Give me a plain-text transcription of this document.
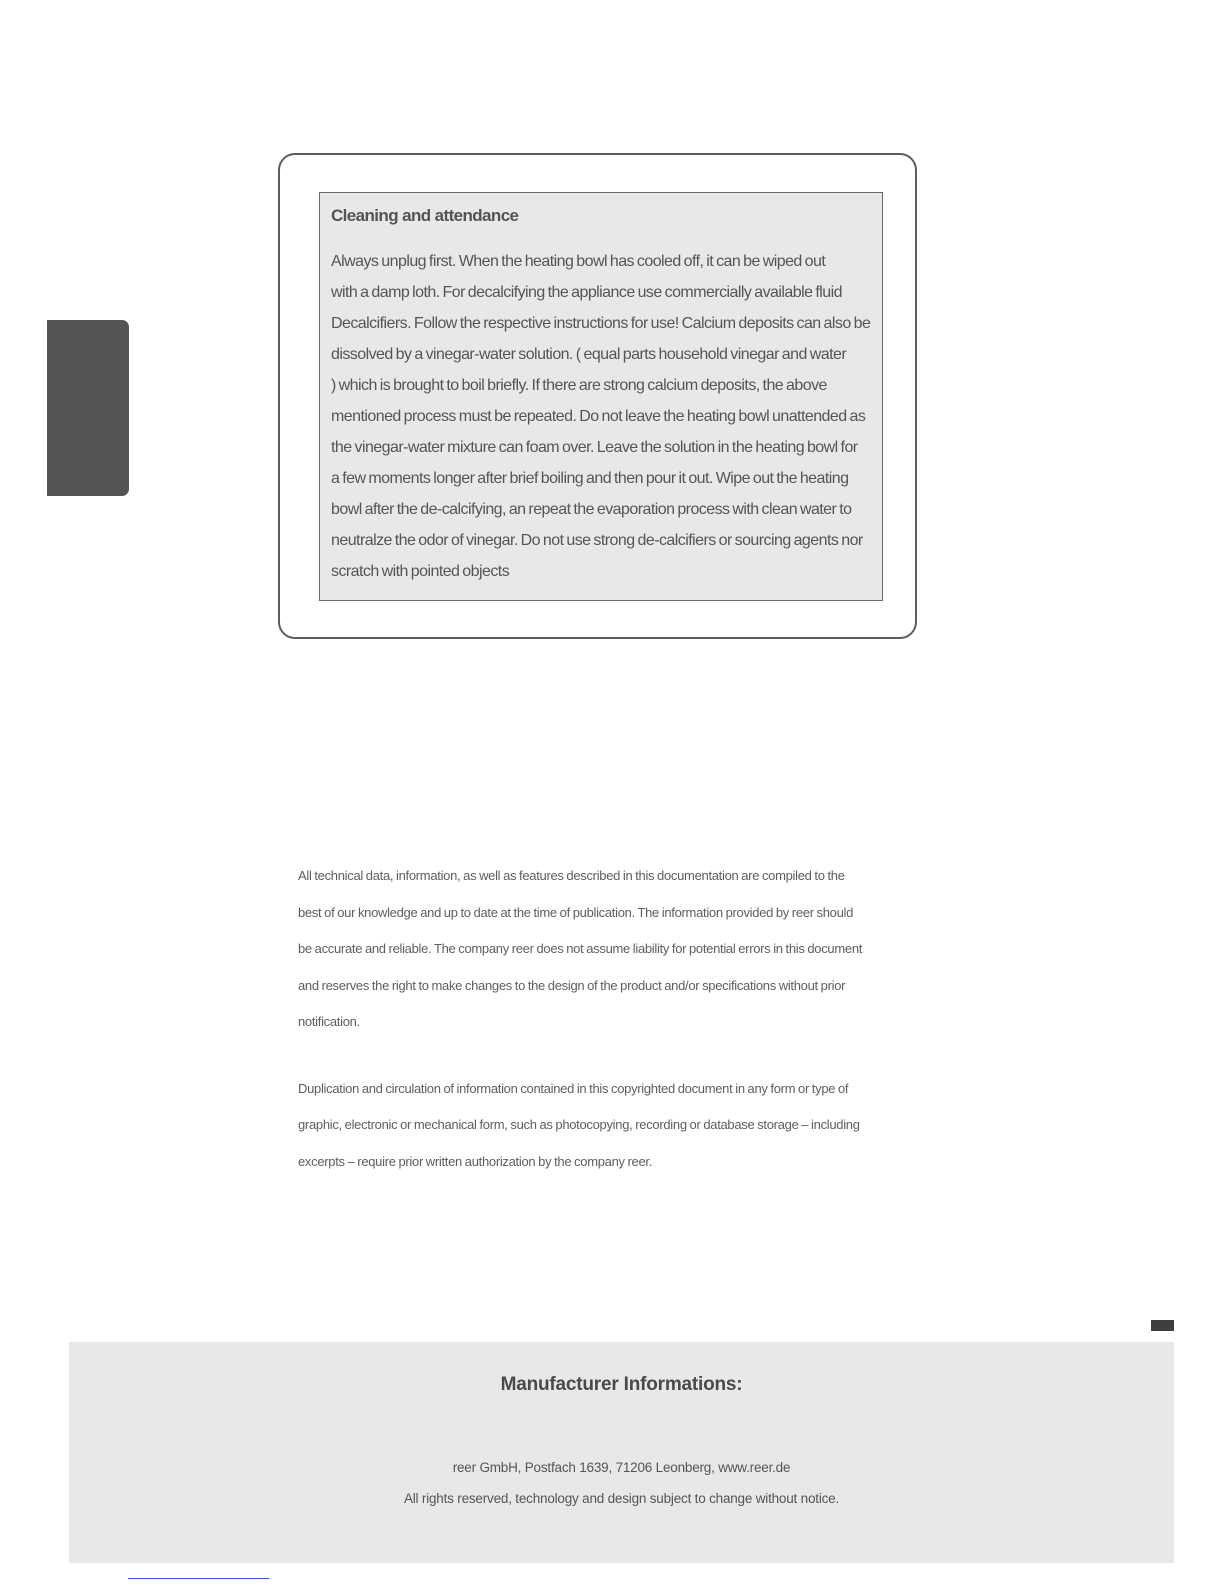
Cleaning and attendance
Always unplug first. When the heating bowl has cooled off, it can be wiped out
with a damp loth. For decalcifying the appliance use commercially available fluid
Decalcifiers. Follow the respective instructions for use! Calcium deposits can also be
dissolved by a vinegar-water solution. ( equal parts household vinegar and water
) which is brought to boil briefly. If there are strong calcium deposits, the above
mentioned process must be repeated. Do not leave the heating bowl unattended as
the vinegar-water mixture can foam over. Leave the solution in the heating bowl for
a few moments longer after brief boiling and then pour it out. Wipe out the heating
bowl after the de-calcifying, an repeat the evaporation process with clean water to
neutralze the odor of vinegar. Do not use strong de-calcifiers or sourcing agents nor
scratch with pointed objects

All technical data, information, as well as features described in this documentation are compiled to the
best of our knowledge and up to date at the time of publication. The information provided by reer should
be accurate and reliable. The company reer does not assume liability for potential errors in this document
and reserves the right to make changes to the design of the product and/or specifications without prior
notification.

Duplication and circulation of information contained in this copyrighted document in any form or type of
graphic, electronic or mechanical form, such as photocopying, recording or database storage – including
excerpts – require prior written authorization by the company reer.

Manufacturer Informations:
reer GmbH, Postfach 1639, 71206 Leonberg, www.reer.de
All rights reserved, technology and design subject to change without notice.
